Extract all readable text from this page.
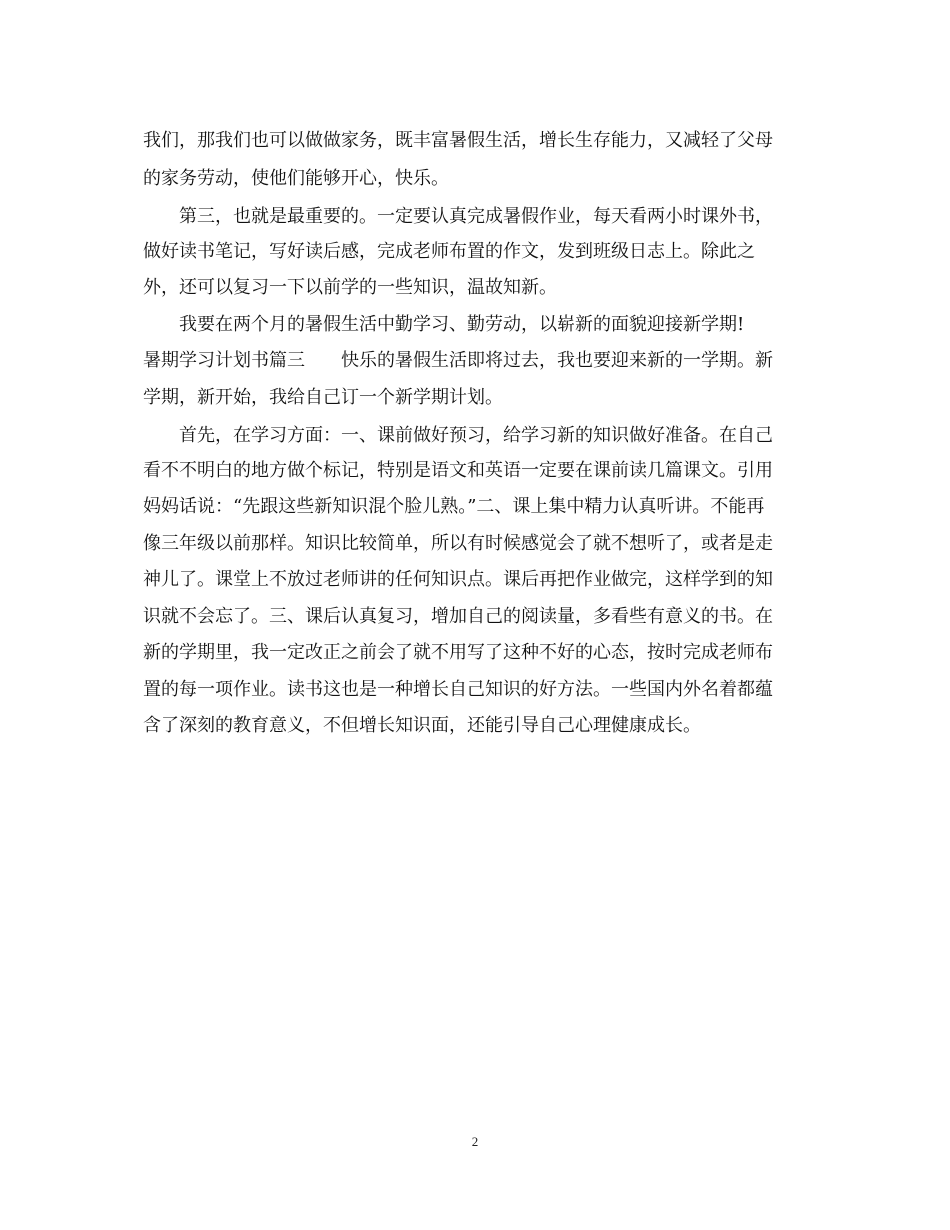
我们，那我们也可以做做家务，既丰富暑假生活，增长生存能力，又减轻了父母
的家务劳动，使他们能够开心，快乐。
　　第三，也就是最重要的。一定要认真完成暑假作业，每天看两小时课外书，
做好读书笔记，写好读后感，完成老师布置的作文，发到班级日志上。除此之
外，还可以复习一下以前学的一些知识，温故知新。
　　我要在两个月的暑假生活中勤学习、勤劳动，以崭新的面貌迎接新学期!
暑期学习计划书篇三　　快乐的暑假生活即将过去，我也要迎来新的一学期。新
学期，新开始，我给自己订一个新学期计划。
　　首先，在学习方面：一、课前做好预习，给学习新的知识做好准备。在自己
看不不明白的地方做个标记，特别是语文和英语一定要在课前读几篇课文。引用
妈妈话说：“先跟这些新知识混个脸儿熟。”二、课上集中精力认真听讲。不能再
像三年级以前那样。知识比较简单，所以有时候感觉会了就不想听了，或者是走
神儿了。课堂上不放过老师讲的任何知识点。课后再把作业做完，这样学到的知
识就不会忘了。三、课后认真复习，增加自己的阅读量，多看些有意义的书。在
新的学期里，我一定改正之前会了就不用写了这种不好的心态，按时完成老师布
置的每一项作业。读书这也是一种增长自己知识的好方法。一些国内外名着都蕴
含了深刻的教育意义，不但增长知识面，还能引导自己心理健康成长。
2
